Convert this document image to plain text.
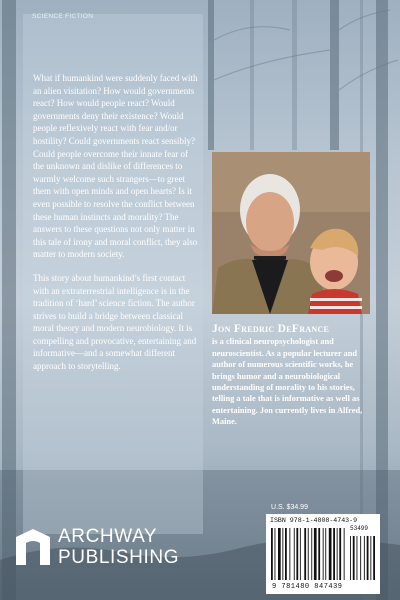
SCIENCE FICTION

What if humankind were suddenly faced with an alien visitation? How would governments react? How would people react? Would governments deny their existence? Would people reflexively react with fear and/or hostility? Could governments react sensibly? Could people overcome their innate fear of the unknown and dislike of differences to warmly welcome such strangers—to greet them with open minds and open hearts? Is it even possible to resolve the conflict between these human instincts and morality? The answers to these questions not only matter in this tale of irony and moral conflict, they also matter to modern society.

This story about humankind’s first contact with an extraterrestrial intelligence is in the tradition of ‘hard’ science fiction. The author strives to build a bridge between classical moral theory and modern neurobiology. It is compelling and provocative, entertaining and informative—and a somewhat different approach to storytelling.

Jon Fredric DeFrance
is a clinical neuropsychologist and neuroscientist. As a popular lecturer and author of numerous scientific works, he brings humor and a neurobiological understanding of morality to his stories, telling a tale that is informative as well as entertaining. Jon currently lives in Alfred, Maine.
ARCHWAY
PUBLISHING
U.S. $34.99
ISBN 978-1-4808-4743-9
53499
9 781480 847439
